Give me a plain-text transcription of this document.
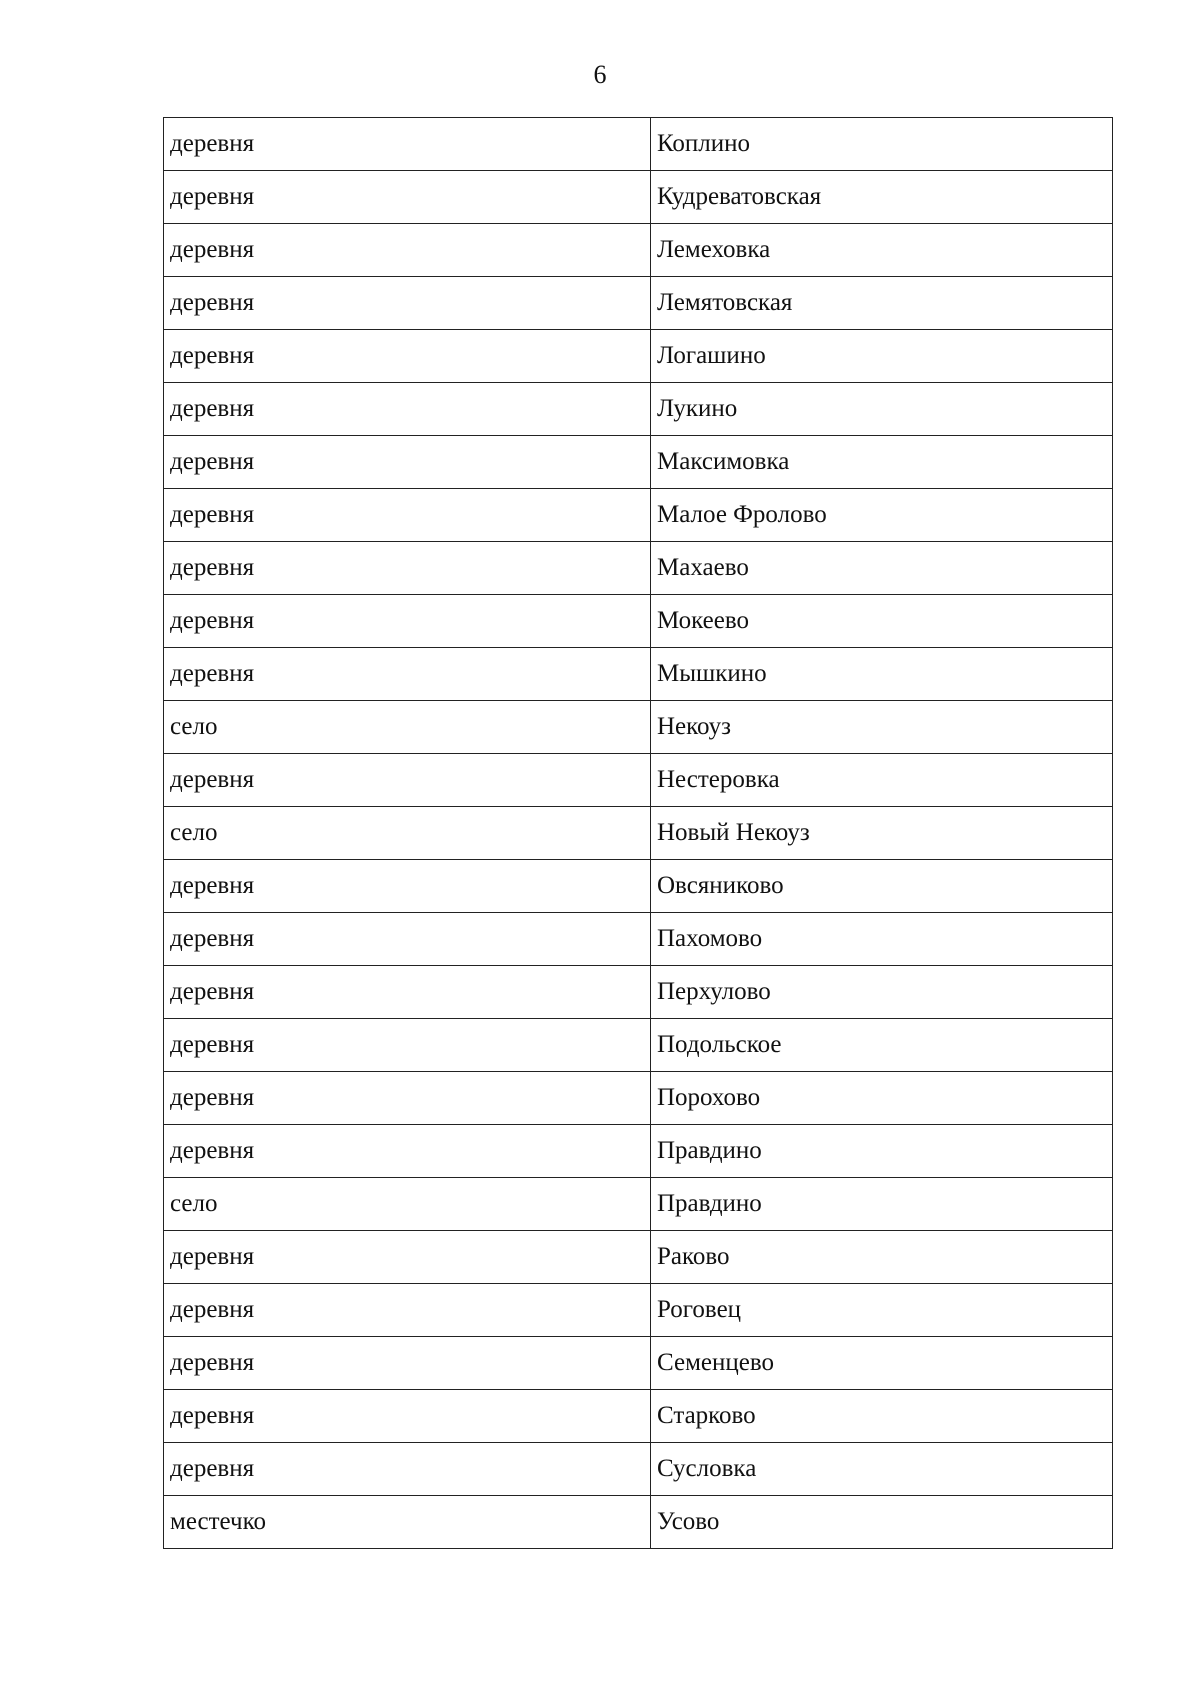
6
деревня	Коплино
деревня	Кудреватовская
деревня	Лемеховка
деревня	Лемятовская
деревня	Логашино
деревня	Лукино
деревня	Максимовка
деревня	Малое Фролово
деревня	Махаево
деревня	Мокеево
деревня	Мышкино
село	Некоуз
деревня	Нестеровка
село	Новый Некоуз
деревня	Овсяниково
деревня	Пахомово
деревня	Перхулово
деревня	Подольское
деревня	Порохово
деревня	Правдино
село	Правдино
деревня	Раково
деревня	Роговец
деревня	Семенцево
деревня	Старково
деревня	Сусловка
местечко	Усово
